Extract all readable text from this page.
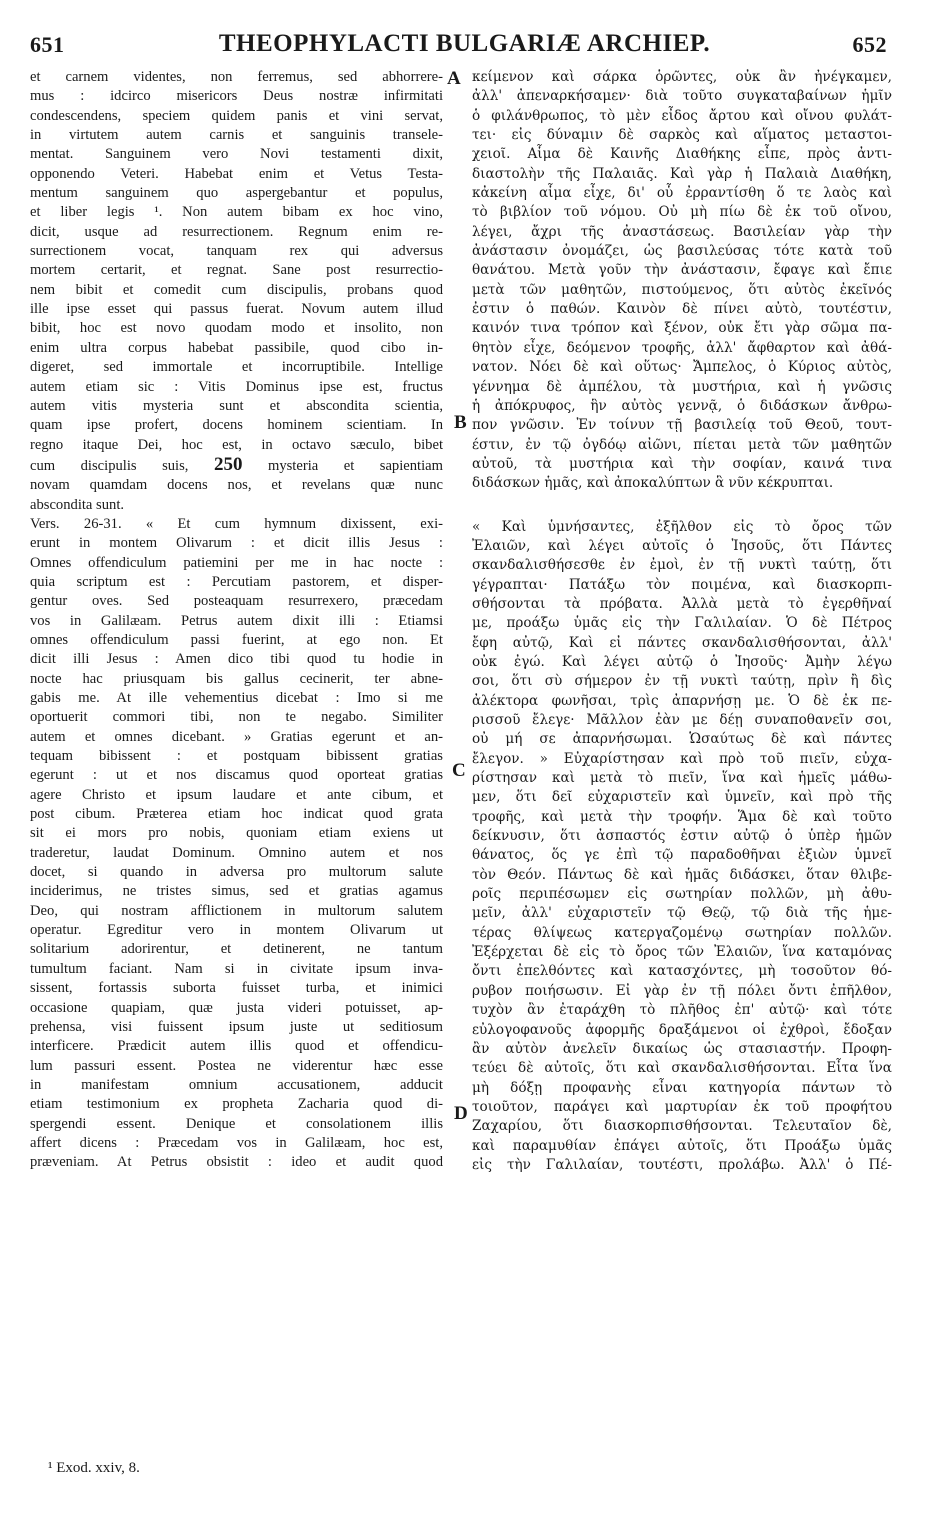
651	THEOPHYLACTI BULGARIÆ ARCHIEP.	652

et carnem videntes, non ferremus, sed abhorrere-

mus : idcirco misericors Deus nostræ infirmitati

condescendens, speciem quidem panis et vini servat,

in virtutem autem carnis et sanguinis transele-

mentat. Sanguinem vero Novi testamenti dixit,

opponendo Veteri. Habebat enim et Vetus Testa-

mentum sanguinem quo aspergebantur et populus,

et liber legis ¹. Non autem bibam ex hoc vino,

dicit, usque ad resurrectionem. Regnum enim re-

surrectionem vocat, tanquam rex qui adversus

mortem certarit, et regnat. Sane post resurrectio-

nem bibit et comedit cum discipulis, probans quod

ille ipse esset qui passus fuerat. Novum autem illud

bibit, hoc est novo quodam modo et insolito, non

enim ultra corpus habebat passibile, quod cibo in-

digeret, sed immortale et incorruptibile. Intellige

autem etiam sic : Vitis Dominus ipse est, fructus

autem vitis mysteria sunt et abscondita scientia,

quam ipse profert, docens hominem scientiam. In

regno itaque Dei, hoc est, in octavo sæculo, bibet

cum discipulis suis, 250 mysteria et sapientiam

novam quamdam docens nos, et revelans quæ nunc

abscondita sunt.

Vers. 26-31. « Et cum hymnum dixissent, exi-

erunt in montem Olivarum : et dicit illis Jesus :

Omnes offendiculum patiemini per me in hac nocte :

quia scriptum est : Percutiam pastorem, et disper-

gentur oves. Sed posteaquam resurrexero, præcedam

vos in Galilæam. Petrus autem dixit illi : Etiamsi

omnes offendiculum passi fuerint, at ego non. Et

dicit illi Jesus : Amen dico tibi quod tu hodie in

nocte hac priusquam bis gallus cecinerit, ter abne-

gabis me. At ille vehementius dicebat : Imo si me

oportuerit commori tibi, non te negabo. Similiter

autem et omnes dicebant. » Gratias egerunt et an-

tequam bibissent : et postquam bibissent gratias

egerunt : ut et nos discamus quod oporteat gratias

agere Christo et ipsum laudare et ante cibum, et

post cibum. Præterea etiam hoc indicat quod grata

sit ei mors pro nobis, quoniam etiam exiens ut

traderetur, laudat Dominum. Omnino autem et nos

docet, si quando in adversa pro multorum salute

inciderimus, ne tristes simus, sed et gratias agamus

Deo, qui nostram afflictionem in multorum salutem

operatur. Egreditur vero in montem Olivarum ut

solitarium adorirentur, et detinerent, ne tantum

tumultum faciant. Nam si in civitate ipsum inva-

sissent, fortassis suborta fuisset turba, et inimici

occasione quapiam, quæ justa videri potuisset, ap-

prehensa, visi fuissent ipsum juste ut seditiosum

interficere. Prædicit autem illis quod et offendicu-

lum passuri essent. Postea ne viderentur hæc esse

in manifestam omnium accusationem, adducit

etiam testimonium ex propheta Zacharia quod di-

spergendi essent. Denique et consolationem illis

affert dicens : Præcedam vos in Galilæam, hoc est,

præveniam. At Petrus obsistit : ideo et audit quod

κείμενον καὶ σάρκα ὁρῶντες, οὐκ ἂν ἠνέγκαμεν,

ἀλλ' ἀπεναρκήσαμεν· διὰ τοῦτο συγκαταβαίνων ἡμῖν

ὁ φιλάνθρωπος, τὸ μὲν εἶδος ἄρτου καὶ οἴνου φυλάτ-

τει· εἰς δύναμιν δὲ σαρκὸς καὶ αἵματος μεταστοι-

χειοῖ. Αἷμα δὲ Καινῆς Διαθήκης εἶπε, πρὸς ἀντι-

διαστολὴν τῆς Παλαιᾶς. Καὶ γὰρ ἡ Παλαιὰ Διαθήκη,

κἀκείνη αἷμα εἶχε, δι' οὗ ἐρραντίσθη ὅ τε λαὸς καὶ

τὸ βιβλίον τοῦ νόμου. Οὐ μὴ πίω δὲ ἐκ τοῦ οἴνου,

λέγει, ἄχρι τῆς ἀναστάσεως. Βασιλείαν γὰρ τὴν

ἀνάστασιν ὀνομάζει, ὡς βασιλεύσας τότε κατὰ τοῦ

θανάτου. Μετὰ γοῦν τὴν ἀνάστασιν, ἔφαγε καὶ ἔπιε

μετὰ τῶν μαθητῶν, πιστούμενος, ὅτι αὐτὸς ἐκεῖνός

ἐστιν ὁ παθών. Καινὸν δὲ πίνει αὐτὸ, τουτέστιν,

καινόν τινα τρόπον καὶ ξένον, οὐκ ἔτι γὰρ σῶμα πα-

θητὸν εἶχε, δεόμενον τροφῆς, ἀλλ' ἄφθαρτον καὶ ἀθά-

νατον. Νόει δὲ καὶ οὕτως· Ἄμπελος, ὁ Κύριος αὐτὸς,

γέννημα δὲ ἀμπέλου, τὰ μυστήρια, καὶ ἡ γνῶσις

ἡ ἀπόκρυφος, ἣν αὐτὸς γεννᾷ, ὁ διδάσκων ἄνθρω-

πον γνῶσιν. Ἐν τοίνυν τῇ βασιλείᾳ τοῦ Θεοῦ, τουτ-

έστιν, ἐν τῷ ὀγδόῳ αἰῶνι, πίεται μετὰ τῶν μαθητῶν

αὐτοῦ, τὰ μυστήρια καὶ τὴν σοφίαν, καινά τινα

διδάσκων ἡμᾶς, καὶ ἀποκαλύπτων ἃ νῦν κέκρυπται.

« Καὶ ὑμνήσαντες, ἐξῆλθον εἰς τὸ ὄρος τῶν

Ἐλαιῶν, καὶ λέγει αὐτοῖς ὁ Ἰησοῦς, ὅτι Πάντες

σκανδαλισθήσεσθε ἐν ἐμοὶ, ἐν τῇ νυκτὶ ταύτῃ, ὅτι

γέγραπται· Πατάξω τὸν ποιμένα, καὶ διασκορπι-

σθήσονται τὰ πρόβατα. Ἀλλὰ μετὰ τὸ ἐγερθῆναί

με, προάξω ὑμᾶς εἰς τὴν Γαλιλαίαν. Ὁ δὲ Πέτρος

ἔφη αὐτῷ, Καὶ εἰ πάντες σκανδαλισθήσονται, ἀλλ'

οὐκ ἐγώ. Καὶ λέγει αὐτῷ ὁ Ἰησοῦς· Ἀμὴν λέγω

σοι, ὅτι σὺ σήμερον ἐν τῇ νυκτὶ ταύτῃ, πρὶν ἢ δὶς

ἀλέκτορα φωνῆσαι, τρὶς ἀπαρνήσῃ με. Ὁ δὲ ἐκ πε-

ρισσοῦ ἔλεγε· Μᾶλλον ἐὰν με δέῃ συναποθανεῖν σοι,

οὐ μή σε ἀπαρνήσωμαι. Ὡσαύτως δὲ καὶ πάντες

ἔλεγον. » Εὐχαρίστησαν καὶ πρὸ τοῦ πιεῖν, εὐχα-

ρίστησαν καὶ μετὰ τὸ πιεῖν, ἵνα καὶ ἡμεῖς μάθω-

μεν, ὅτι δεῖ εὐχαριστεῖν καὶ ὑμνεῖν, καὶ πρὸ τῆς

τροφῆς, καὶ μετὰ τὴν τροφήν. Ἅμα δὲ καὶ τοῦτο

δείκνυσιν, ὅτι ἀσπαστός ἐστιν αὐτῷ ὁ ὑπὲρ ἡμῶν

θάνατος, ὅς γε ἐπὶ τῷ παραδοθῆναι ἐξιὼν ὑμνεῖ

τὸν Θεόν. Πάντως δὲ καὶ ἡμᾶς διδάσκει, ὅταν θλιβε-

ροῖς περιπέσωμεν εἰς σωτηρίαν πολλῶν, μὴ ἀθυ-

μεῖν, ἀλλ' εὐχαριστεῖν τῷ Θεῷ, τῷ διὰ τῆς ἡμε-

τέρας θλίψεως κατεργαζομένῳ σωτηρίαν πολλῶν.

Ἐξέρχεται δὲ εἰς τὸ ὄρος τῶν Ἐλαιῶν, ἵνα καταμόνας

ὄντι ἐπελθόντες καὶ κατασχόντες, μὴ τοσοῦτον θό-

ρυβον ποιήσωσιν. Εἰ γὰρ ἐν τῇ πόλει ὄντι ἐπῆλθον,

τυχὸν ἂν ἐταράχθη τὸ πλῆθος ἐπ' αὐτῷ· καὶ τότε

εὐλογοφανοῦς ἀφορμῆς δραξάμενοι οἱ ἐχθροὶ, ἔδοξαν

ἂν αὐτὸν ἀνελεῖν δικαίως ὡς στασιαστήν. Προφη-

τεύει δὲ αὐτοῖς, ὅτι καὶ σκανδαλισθήσονται. Εἶτα ἵνα

μὴ δόξῃ προφανὴς εἶναι κατηγορία πάντων τὸ

τοιοῦτον, παράγει καὶ μαρτυρίαν ἐκ τοῦ προφήτου

Ζαχαρίου, ὅτι διασκορπισθήσονται. Τελευταῖον δὲ,

καὶ παραμυθίαν ἐπάγει αὐτοῖς, ὅτι Προάξω ὑμᾶς

εἰς τὴν Γαλιλαίαν, τουτέστι, προλάβω. Ἀλλ' ὁ Πέ-

A
B
C
D
¹ Exod. xxiv, 8.
